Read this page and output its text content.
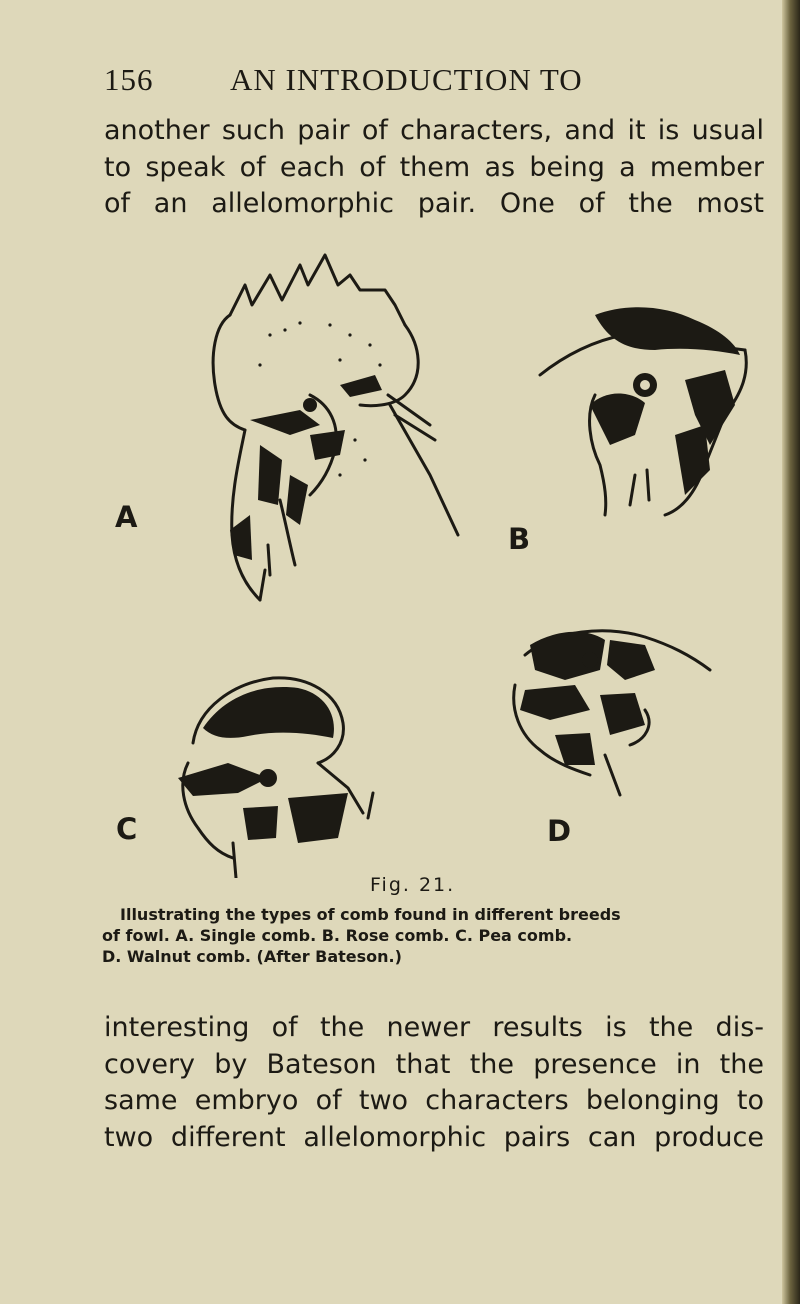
156 AN INTRODUCTION TO
another such pair of characters, and it is usual
to speak of each of them as being a member
of an allelomorphic pair. One of the most
A
B
C	D
Fig. 21.
Illustrating the types of comb found in different breeds
of fowl. A. Single comb. B. Rose comb. C. Pea comb.
D. Walnut comb. (After Bateson.)
interesting of the newer results is the dis-
covery by Bateson that the presence in the
same embryo of two characters belonging to
two different allelomorphic pairs can produce
